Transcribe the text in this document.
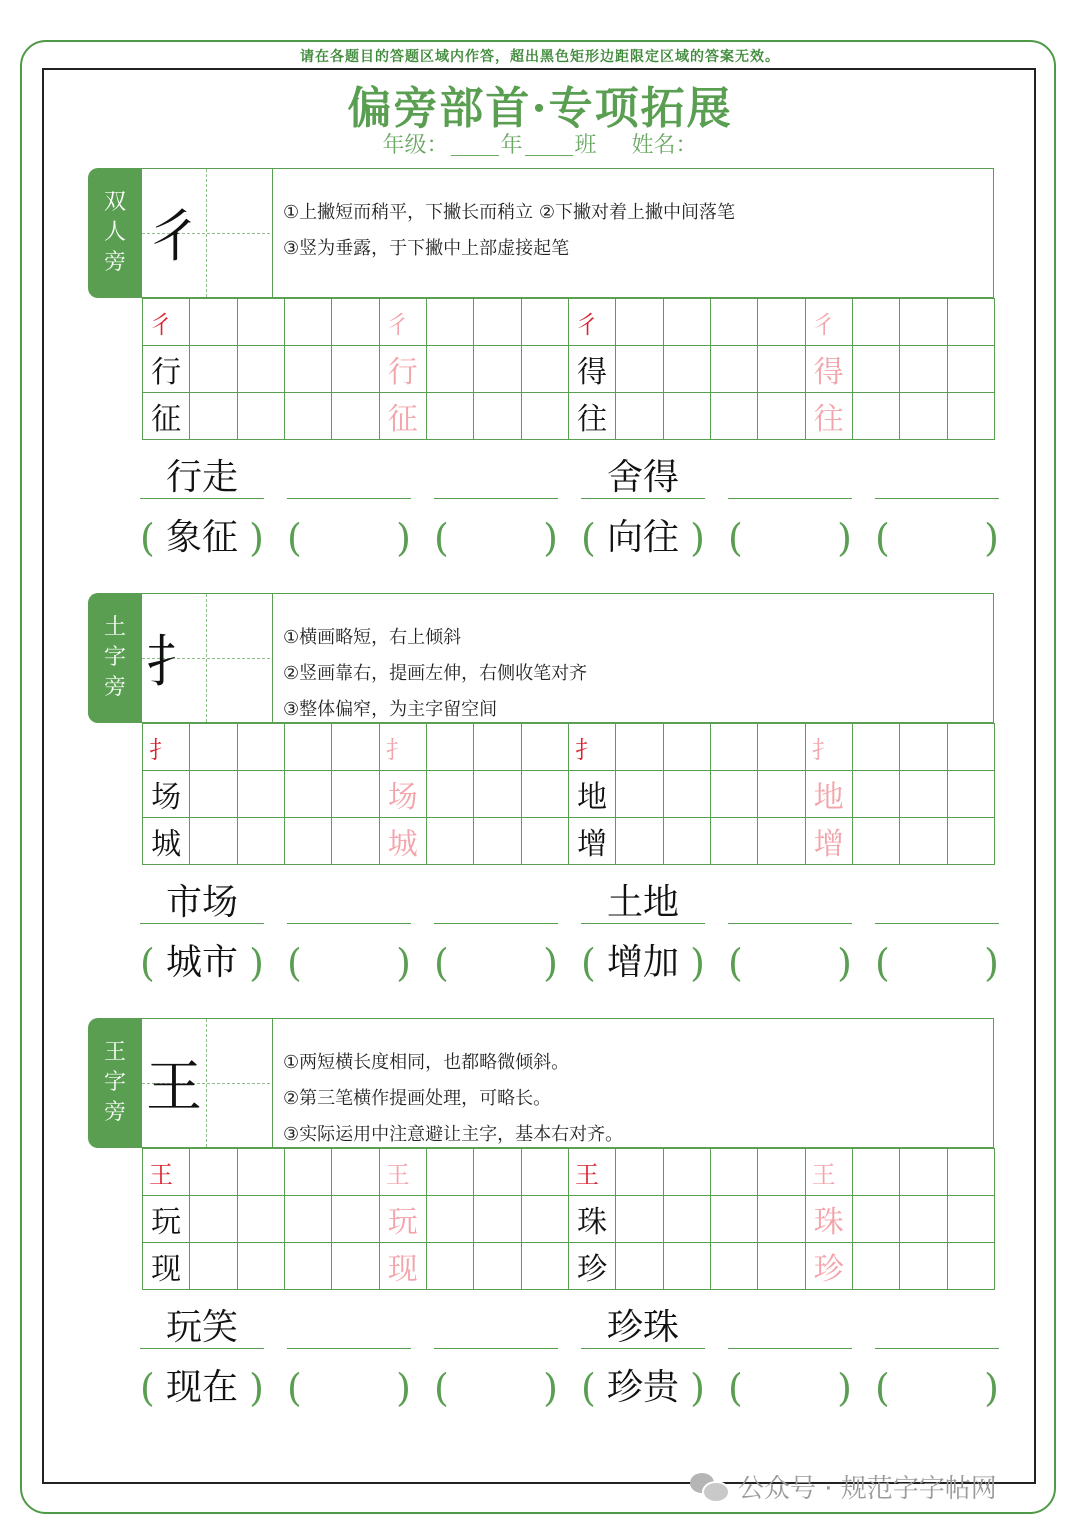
请在各题目的答题区域内作答，超出黑色矩形边距限定区域的答案无效。
偏旁部首·专项拓展
年级： 年 班 姓名：
双
人
旁 彳	①上撇短而稍平，下撇长而稍立 ②下撇对着上撇中间落笔
③竖为垂露，于下撇中上部虚接起笔
彳	彳	彳	彳
行	行	得	得
征	征	往	往
行走	舍得
( 象征 ) ( ) ( ) ( 向往 ) ( ) ( )
土
字
旁 扌	①横画略短，右上倾斜
②竖画靠右，提画左伸，右侧收笔对齐
③整体偏窄，为主字留空间
扌	扌	扌	扌
场	场	地	地
城	城	增	增
市场	土地
( 城市 ) ( ) ( ) ( 增加 ) ( ) ( )
王
字
旁 王	①两短横长度相同，也都略微倾斜。
②第三笔横作提画处理，可略长。
③实际运用中注意避让主字，基本右对齐。
王	王	王	王
玩	玩	珠	珠
现	现	珍	珍
玩笑	珍珠
( 现在 ) ( ) ( ) ( 珍贵 ) ( ) ( )
公众号 · 规范字字帖网
